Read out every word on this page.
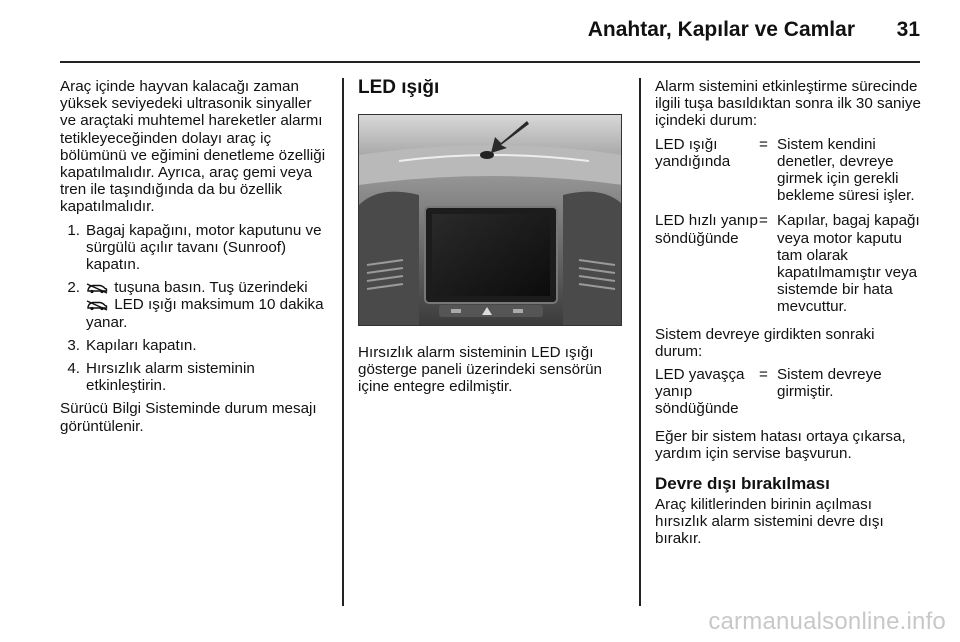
Anahtar, Kapılar ve Camlar 31

Araç içinde hayvan kalacağı zaman yüksek seviyedeki ultrasonik sinyaller ve araçtaki muhtemel hareketler alarmı tetikleyeceğinden dolayı araç iç bölümünü ve eğimini denetleme özelliği kapatılmalıdır. Ayrıca, araç gemi veya tren ile taşındığında da bu özellik kapatılmalıdır.

1. Bagaj kapağını, motor kaputunu ve sürgülü açılır tavanı (Sunroof) kapatın.
2.	tuşuna basın. Tuş üzerindeki
LED ışığı maksimum 10 dakika yanar.
3. Kapıları kapatın.
4. Hırsızlık alarm sisteminin etkinleştirin.

Sürücü Bilgi Sisteminde durum mesajı görüntülenir.

LED ışığı

Hırsızlık alarm sisteminin LED ışığı gösterge paneli üzerindeki sensörün içine entegre edilmiştir.

Alarm sistemini etkinleştirme sürecinde ilgili tuşa basıldıktan sonra ilk 30 saniye içindeki durum:

LED ışığı yandığında
= Sistem kendini denetler, devreye girmek için gerekli bekleme süresi işler.
LED hızlı yanıp söndüğünde
= Kapılar, bagaj kapağı veya motor kaputu tam olarak kapatılmamıştır veya sistemde bir hata mevcuttur.

Sistem devreye girdikten sonraki durum:

LED yavaşça yanıp söndüğünde
= Sistem devreye girmiştir.

Eğer bir sistem hatası ortaya çıkarsa, yardım için servise başvurun.

Devre dışı bırakılması

Araç kilitlerinden birinin açılması hırsızlık alarm sistemini devre dışı bırakır.

carmanualsonline.info
